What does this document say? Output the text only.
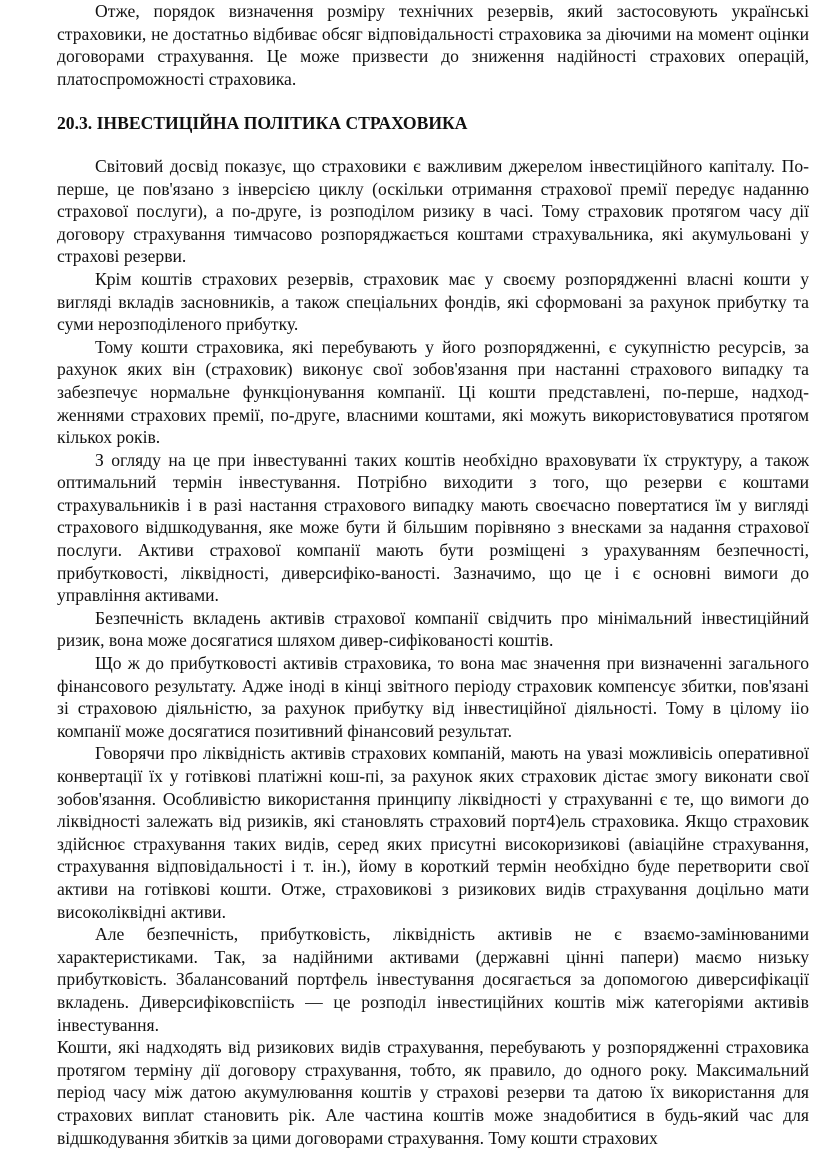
Отже, порядок визначення розміру технічних резервів, який застосовують українські страховики, не достатньо відбиває обсяг відповідальності страховика за діючими на момент оцінки договорами страхування. Це може призвести до зниження надійності страхових операцій, платоспроможності страховика.

20.3. ІНВЕСТИЦІЙНА ПОЛІТИКА СТРАХОВИКА

Світовий досвід показує, що страховики є важливим джерелом інвестиційного капіталу. По-перше, це пов'язано з інверсією циклу (оскільки отримання страхової премії передує наданню страхової послуги), а по-друге, із розподілом ризику в часі. Тому страховик протягом часу дії договору страхування тимчасово розпоряджається коштами страхувальника, які акумульовані у страхові резерви.

Крім коштів страхових резервів, страховик має у своєму розпорядженні власні кошти у вигляді вкладів засновників, а також спеціальних фондів, які сформовані за рахунок прибутку та суми нерозподіленого прибутку.

Тому кошти страховика, які перебувають у його розпорядженні, є сукупністю ресурсів, за рахунок яких він (страховик) виконує свої зобов'язання при настанні страхового випадку та забезпечує нормальне функціонування компанії. Ці кошти представлені, по-перше, надход-женнями страхових премії, по-друге, власними коштами, які можуть використовуватися протягом кількох років.

З огляду на це при інвестуванні таких коштів необхідно враховувати їх структуру, а також оптимальний термін інвестування. Потрібно виходити з того, що резерви є коштами страхувальників і в разі настання страхового випадку мають своєчасно повертатися їм у вигляді страхового відшкодування, яке може бути й більшим порівняно з внесками за надання страхової послуги. Активи страхової компанії мають бути розміщені з урахуванням безпечності, прибутковості, ліквідності, диверсифіко-ваності. Зазначимо, що це і є основні вимоги до управління активами.

Безпечність вкладень активів страхової компанії свідчить про мінімальний інвестиційний ризик, вона може досягатися шляхом дивер-сифікованості коштів.

Що ж до прибутковості активів страховика, то вона має значення при визначенні загального фінансового результату. Адже іноді в кінці звітного періоду страховик компенсує збитки, пов'язані зі страховою діяльністю, за рахунок прибутку від інвестиційної діяльності. Тому в цілому ііо компанії може досягатися позитивний фінансовий результат.

Говорячи про ліквідність активів страхових компаній, мають на увазі можливісіь оперативної конвертації їх у готівкові платіжні кош-пі, за рахунок яких страховик дістає змогу виконати свої зобов'язання. Особливістю використання принципу ліквідності у страхуванні є те, що вимоги до ліквідності залежать від ризиків, які становлять страховий порт4)ель страховика. Якщо страховик здійснює страхування таких видів, серед яких присутні високоризикові (авіаційне страхування, страхування відповідальності і т. ін.), йому в короткий термін необхідно буде перетворити свої активи на готівкові кошти. Отже, страховикові з ризикових видів страхування доцільно мати високоліквідні активи.

Але безпечність, прибутковість, ліквідність активів не є взаємо-замінюваними характеристиками. Так, за надійними активами (державні цінні папери) маємо низьку прибутковість. Збалансований портфель інвестування досягається за допомогою диверсифікації вкладень. Диверсифіковспіість — це розподіл інвестиційних коштів між категоріями активів інвестування.

Кошти, які надходять від ризикових видів страхування, перебувають у розпорядженні страховика протягом терміну дії договору страхування, тобто, як правило, до одного року. Максимальний період часу між датою акумулювання коштів у страхові резерви та датою їх використання для страхових виплат становить рік. Але частина коштів може знадобитися в будь-який час для відшкодування збитків за цими договорами страхування. Тому кошти страхових
